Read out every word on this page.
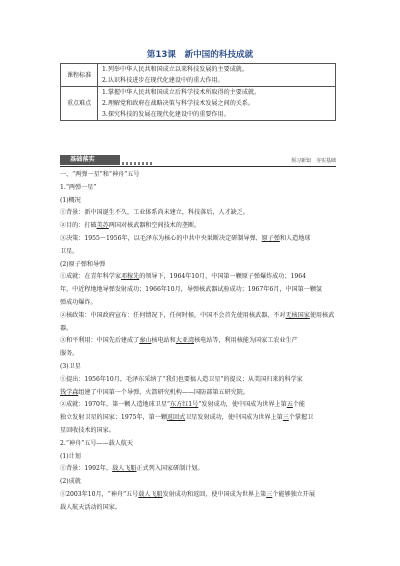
第13课　新中国的科技成就
课程标准	1.列举中华人民共和国成立以来科技发展的主要成就。
2.认识科技进步在现代化建设中的重大作用。

重点难点	1.掌握中华人民共和国成立后科学技术所取得的主要成就。
2.理解党和政府在战略决策与科学技术发展之间的关系。
3.探究科技的发展在现代化建设中的重要作用。
基础落实	预习新知　夯实基础

一、“两弹一星”和“神舟”五号

1.“两弹一星”

(1)概况

①背景：新中国诞生不久，工业体系尚未建立，科技落后，人才缺乏。

②目的：打破美苏两国对核武器和空间技术的垄断。

③决策：1955～1956年，以毛泽东为核心的中共中央果断决定研制导弹、原子弹和人造地球

卫星。

(2)原子弹和导弹

①成就：在青年科学家邓稼先的领导下，1964年10月，中国第一颗原子弹爆炸成功；1964

年，中近程地地导弹发射成功；1966年10月，导弹核武器试验成功；1967年6月，中国第一颗氢

弹成功爆炸。

②核政策：中国政府宣布：任何情况下，任何时候，中国不会首先使用核武器，不对无核国家使用核武器。

③和平利用：中国先后建成了秦山核电站和大亚湾核电站等，利用核能为国家工农业生产

服务。

(3)卫星

①提出：1956年10月，毛泽东采纳了“我们也要搞人造卫星”的提议；从美国归来的科学家

钱学森组建了中国第一个导弹、火箭研究机构——国防部第五研究院。

②成就：1970年，第一颗人造地球卫星“东方红1号”发射成功，使中国成为世界上第五个能

独立发射卫星的国家；1975年，第一颗返回式卫星发射成功，使中国成为世界上第三个掌握卫

星回收技术的国家。

2.“神舟”五号——载人航天

(1)计划

①背景：1992年，载人飞船正式列入国家研制计划。

(2)成就

①2003年10月，“神舟”五号载人飞船发射成功和返回，使中国成为世界上第三个能够独立开展

载人航天活动的国家。
